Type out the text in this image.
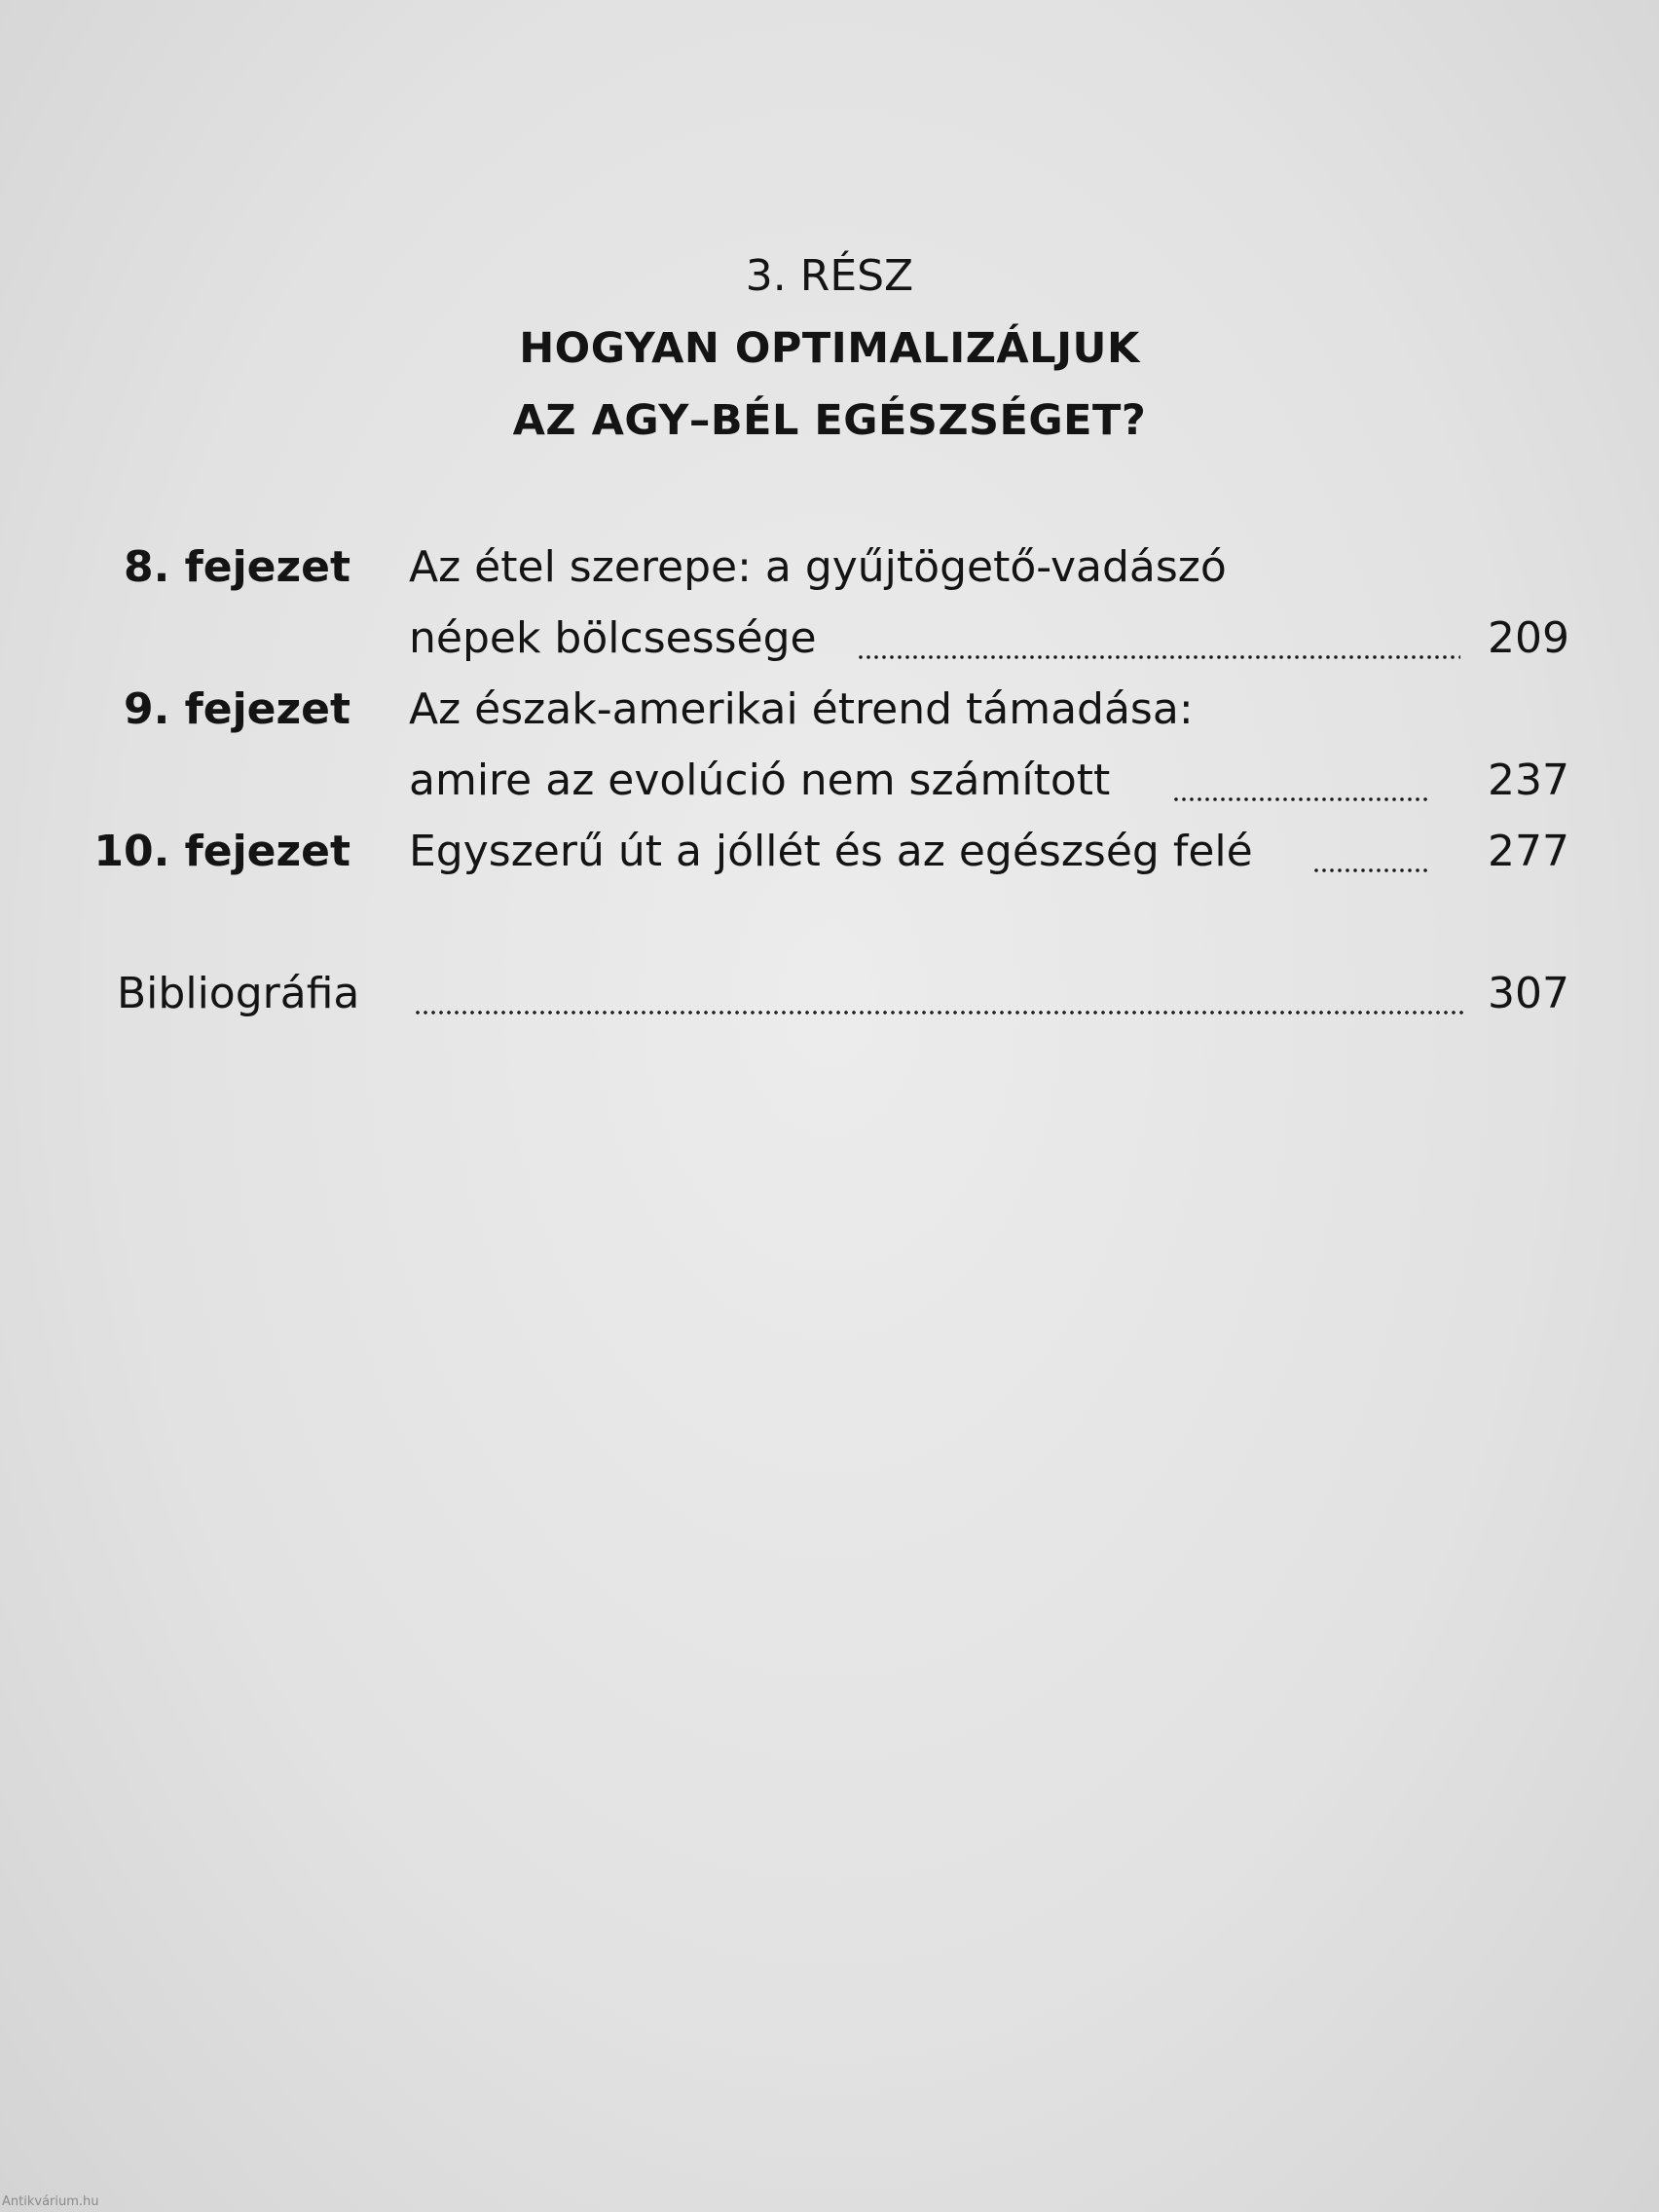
3. RÉSZ
HOGYAN OPTIMALIZÁLJUK
AZ AGY–BÉL EGÉSZSÉGET?
8. fejezet Az étel szerepe: a gyűjtögető-vadászó
népek bölcsessége	209
9. fejezet Az észak-amerikai étrend támadása:
amire az evolúció nem számított	237
10. fejezet Egyszerű út a jóllét és az egészség felé	277
Bibliográfia	307
Antikvárium.hu
